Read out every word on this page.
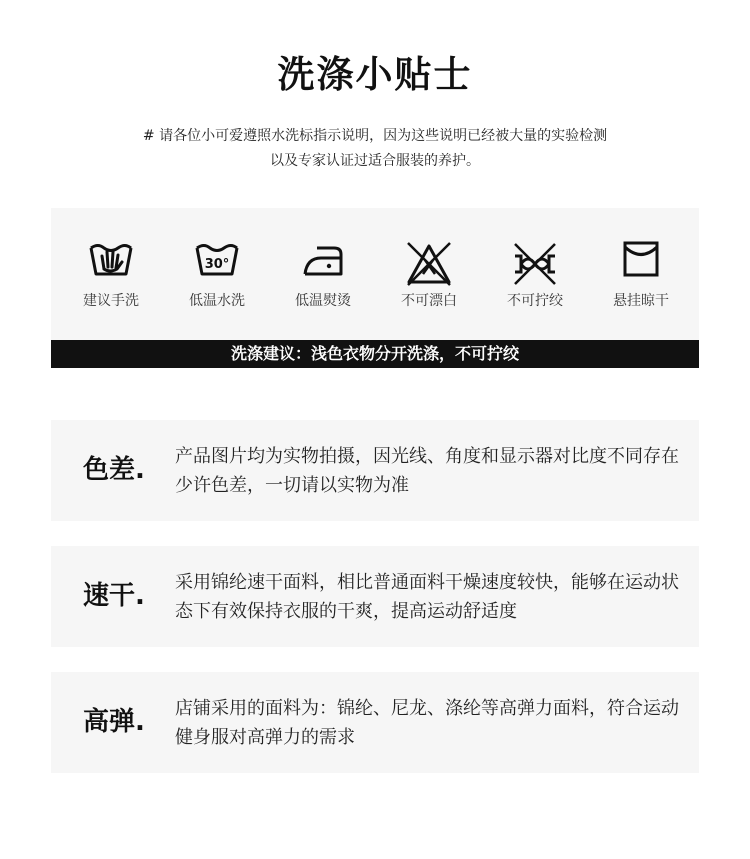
洗涤小贴士
# 请各位小可爱遵照水洗标指示说明，因为这些说明已经被大量的实验检测
以及专家认证过适合服装的养护。
建议手洗
30°
低温水洗	低温熨烫	不可漂白	不可拧绞	悬挂晾干
洗涤建议：浅色衣物分开洗涤，不可拧绞
色差. 产品图片均为实物拍摄，因光线、角度和显示器对比度不同存在少许色差，一切请以实物为准
速干. 采用锦纶速干面料，相比普通面料干燥速度较快，能够在运动状态下有效保持衣服的干爽，提高运动舒适度
高弹. 店铺采用的面料为：锦纶、尼龙、涤纶等高弹力面料，符合运动健身服对高弹力的需求
